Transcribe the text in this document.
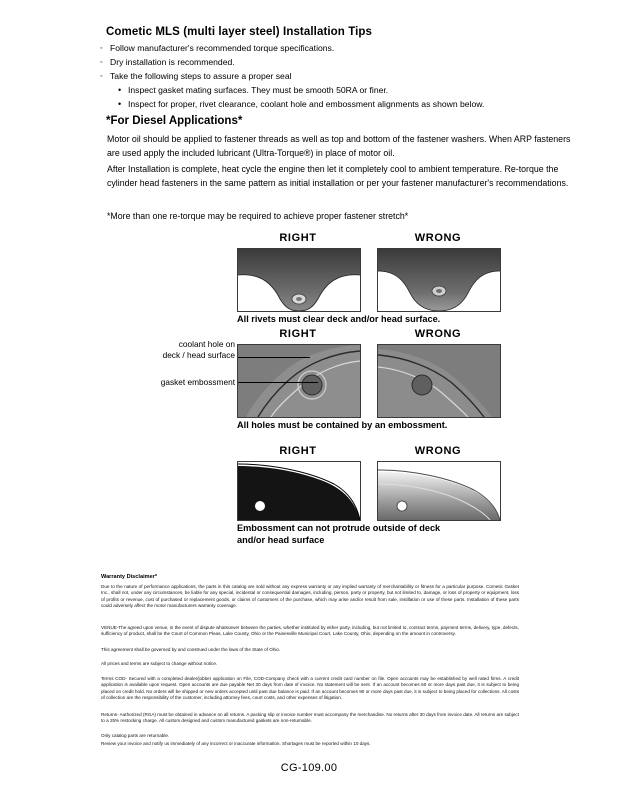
Cometic MLS (multi layer steel) Installation Tips
◦ Follow manufacturer's recommended torque specifications.
◦ Dry installation is recommended.
◦ Take the following steps to assure a proper seal
• Inspect gasket mating surfaces. They must be smooth 50RA or finer.
• Inspect for proper, rivet clearance, coolant hole and embossment alignments as shown below.
*For Diesel Applications*
Motor oil should be applied to fastener threads as well as top and bottom of the fastener washers. When ARP fasteners are used apply the included lubricant (Ultra-Torque®) in place of motor oil.
After Installation is complete, heat cycle the engine then let it completely cool to ambient temperature. Re-torque the cylinder head fasteners in the same pattern as initial installation or per your fastener manufacturer's recommendations.
*More than one re-torque may be required to achieve proper fastener stretch*
RIGHT	WRONG
All rivets must clear deck and/or head surface.
RIGHT	WRONG
All holes must be contained by an embossment.
coolant hole on
deck / head surface
gasket embossment
RIGHT	WRONG
Embossment can not protrude outside of deck
and/or head surface
Warranty Disclaimer*
Due to the nature of performance applications, the parts in this catalog are sold without any express warranty or any implied warranty of merchantability or fitness for a particular purpose. Cometic Gasket Inc., shall not, under any circumstances, be liable for any special, incidental or consequential damages, including, person, party or property, but not limited to, damage, or loss of property or equipment, loss of profits or revenue, cost of purchased or replacement goods, or claims of customers of the purchase, which may arise and/or result from sale, instillation or use of these parts. Installation of these parts could adversely affect the motor manufacturers warranty coverage.
VENUE-The agreed upon venue, in the event of dispute whatsoever between the parties, whether instituted by either party, including, but not limited to, contract terms, payment terms, delivery, type, defects, sufficiency of product, shall be the Court of Common Pleas, Lake County, Ohio or the Painesville Municipal Court, Lake County, Ohio, depending on the amount in controversy.
This agreement shall be governed by and construed under the laws of the State of Ohio.
All prices and terms are subject to change without notice.
Terms COD- Secured with a completed dealer/jobber application on File, COD-Company check with a current credit card number on file. Open accounts may be established by well rated firms. A credit application is available upon request. Open accounts are due payable Net 30 days from date of invoice. No statement will be sent. If an account becomes 60 or more days past due, it is subject to being placed on credit hold. No orders will be shipped or new orders accepted until past due balance is paid. If an account becomes 90 or more days past due, it is subject to being placed for collections. All costs of collection are the responsibility of the customer, including attorney fees, court costs, and other expenses of litigation.
Returns- Authorized (RGA) must be obtained in advance on all returns. A packing slip or invoice number must accompany the merchandise. No returns after 30 days from invoice date. All returns are subject to a 25% restocking charge. All custom designed and custom manufactured gaskets are non-returnable.
Only catalog parts are returnable.
Review your invoice and notify us immediately of any incorrect or inaccurate information. Shortages must be reported within 10 days.
CG-109.00
